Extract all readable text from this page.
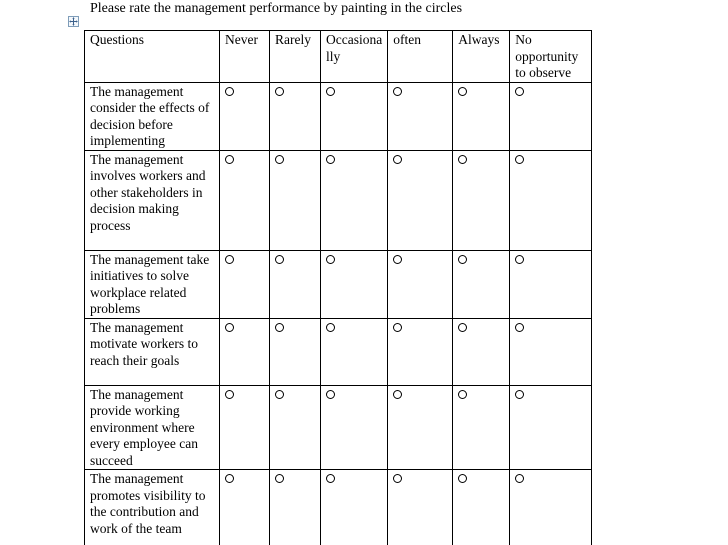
Please rate the management performance by painting in the circles
Questions	Never	Rarely	Occasiona lly	often	Always	No opportunity to observe
The management consider the effects of decision before implementing						
The management involves workers and other stakeholders in decision making process						
The management take initiatives to solve workplace related problems						
The management motivate workers to reach their goals						
The management provide working environment where every employee can succeed						
The management promotes visibility to the contribution and work of the team						
